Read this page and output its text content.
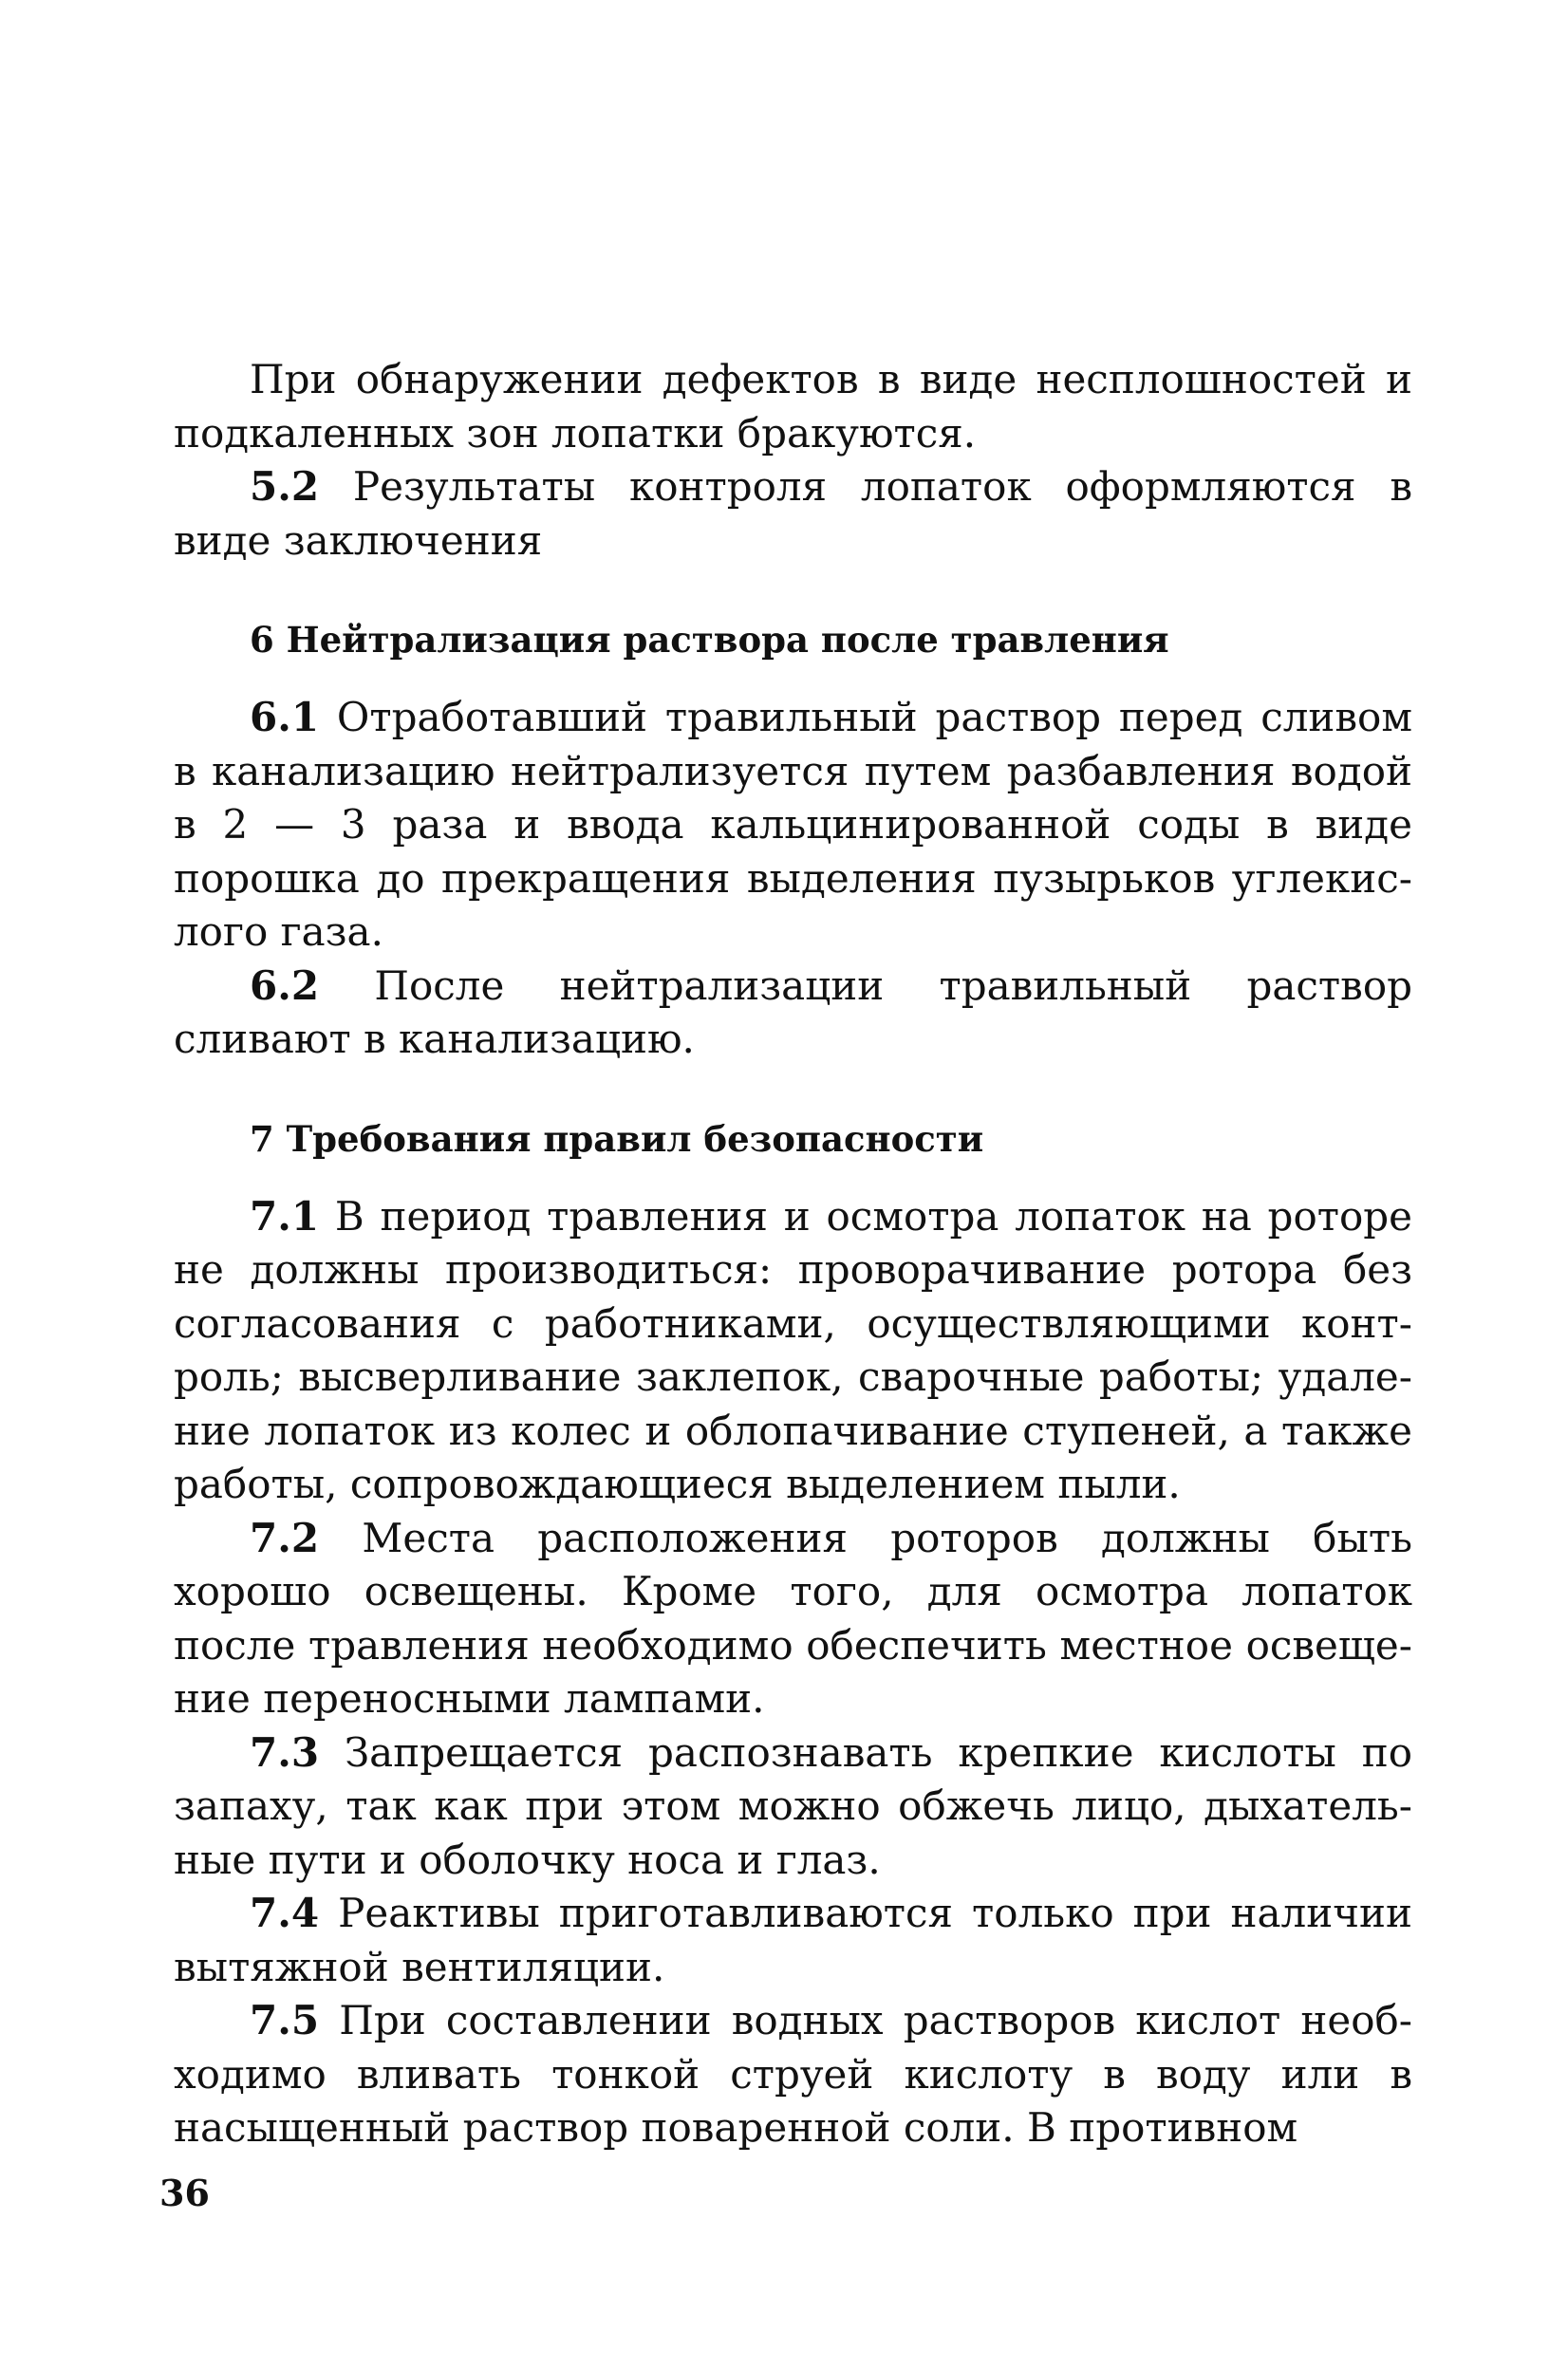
При обнаружении дефектов в виде несплошностей и подкаленных зон лопатки бракуются.

5.2 Результаты контроля лопаток оформляются в виде заключения

6 Нейтрализация раствора после травления

6.1 Отработавший травильный раствор перед сливом в канализацию нейтрализуется путем разбавления водой в 2 — 3 раза и ввода кальцинированной соды в виде порошка до прекращения выделения пузырьков углекислого газа.

6.2 После нейтрализации травильный раствор сливают в канализацию.

7 Требования правил безопасности

7.1 В период травления и осмотра лопаток на роторе не должны производиться: проворачивание ротора без согласования с работниками, осуществляющими контроль; высверливание заклепок, сварочные работы; удаление лопаток из колес и облопачивание ступеней, а также работы, сопровождающиеся выделением пыли.

7.2 Места расположения роторов должны быть хорошо освещены. Кроме того, для осмотра лопаток после травления необходимо обеспечить местное освещение переносными лампами.

7.3 Запрещается распознавать крепкие кислоты по запаху, так как при этом можно обжечь лицо, дыхательные пути и оболочку носа и глаз.

7.4 Реактивы приготавливаются только при наличии вытяжной вентиляции.

7.5 При составлении водных растворов кислот необходимо вливать тонкой струей кислоту в воду или в насыщенный раствор поваренной соли. В противном

36
